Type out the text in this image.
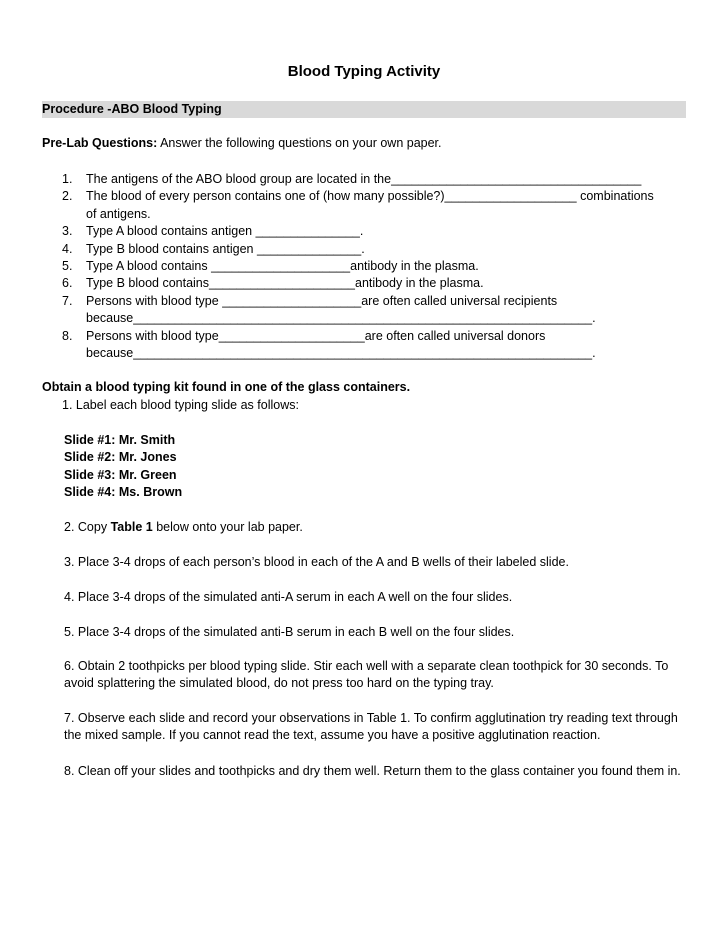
Blood Typing Activity
Procedure -ABO Blood Typing
Pre-Lab Questions: Answer the following questions on your own paper.
1. The antigens of the ABO blood group are located in the____________________________________
2. The blood of every person contains one of (how many possible?)___________________ combinations
of antigens.
3. Type A blood contains antigen _______________.
4. Type B blood contains antigen _______________.
5. Type A blood contains ____________________antibody in the plasma.
6. Type B blood contains_____________________antibody in the plasma.
7. Persons with blood type ____________________are often called universal recipients
because__________________________________________________________________.
8. Persons with blood type_____________________are often called universal donors
because__________________________________________________________________.
Obtain a blood typing kit found in one of the glass containers.
1. Label each blood typing slide as follows:
Slide #1: Mr. Smith
Slide #2: Mr. Jones
Slide #3: Mr. Green
Slide #4: Ms. Brown
2. Copy Table 1 below onto your lab paper.
3. Place 3-4 drops of each person’s blood in each of the A and B wells of their labeled slide.
4. Place 3-4 drops of the simulated anti-A serum in each A well on the four slides.
5. Place 3-4 drops of the simulated anti-B serum in each B well on the four slides.
6. Obtain 2 toothpicks per blood typing slide. Stir each well with a separate clean toothpick for 30 seconds. To avoid splattering the simulated blood, do not press too hard on the typing tray.
7. Observe each slide and record your observations in Table 1. To confirm agglutination try reading text through the mixed sample. If you cannot read the text, assume you have a positive agglutination reaction.
8. Clean off your slides and toothpicks and dry them well. Return them to the glass container you found them in.
